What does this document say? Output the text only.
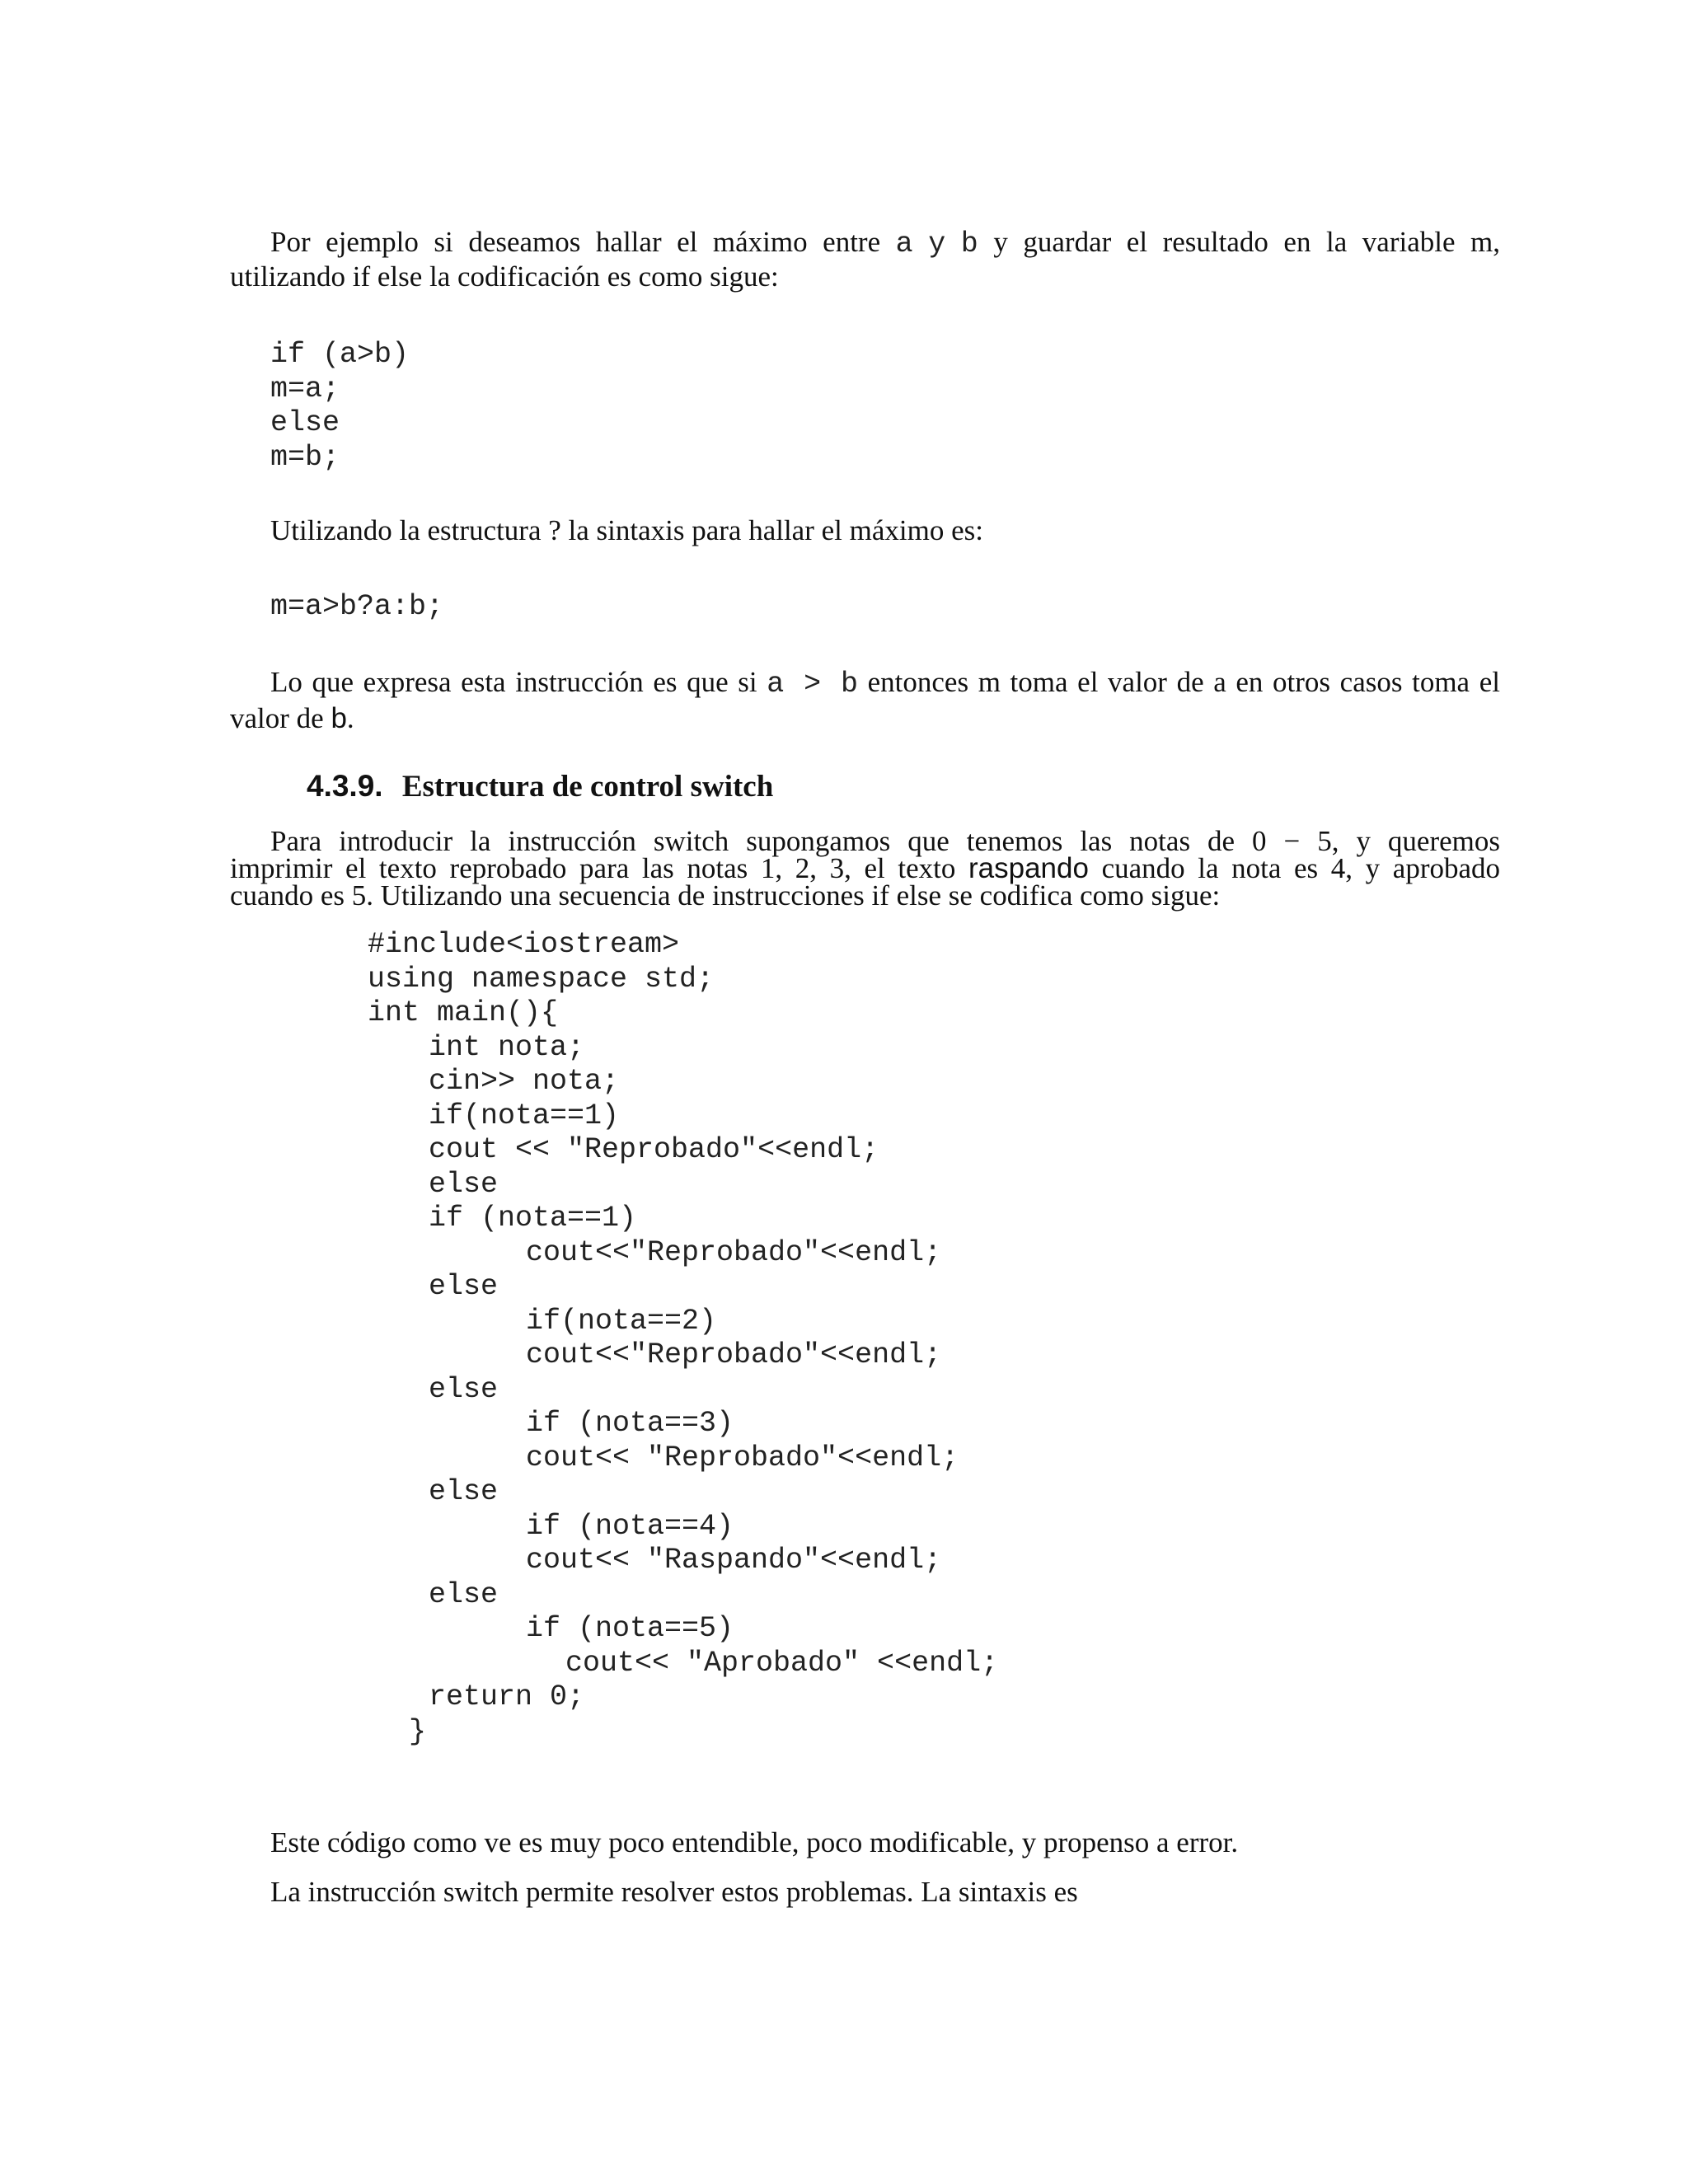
Por ejemplo si deseamos hallar el máximo entre a y b y guardar el resultado en la variable m,
utilizando if else la codificación es como sigue:
if (a>b)
m=a;
else
m=b;
Utilizando la estructura ? la sintaxis para hallar el máximo es:
m=a>b?a:b;
Lo que expresa esta instrucción es que si a > b entonces m toma el valor de a en otros casos toma el
valor de b.
4.3.9. Estructura de control switch
Para introducir la instrucción switch supongamos que tenemos las notas de 0 − 5, y queremos
imprimir el texto reprobado para las notas 1, 2, 3, el texto raspando cuando la nota es 4, y aprobado
cuando es 5. Utilizando una secuencia de instrucciones if else se codifica como sigue:
#include<iostream>
using namespace std;
int main(){
int nota;
cin>> nota;
if(nota==1)
cout << "Reprobado"<<endl;
else
if (nota==1)
cout<<"Reprobado"<<endl;
else
if(nota==2)
cout<<"Reprobado"<<endl;
else
if (nota==3)
cout<< "Reprobado"<<endl;
else
if (nota==4)
cout<< "Raspando"<<endl;
else
if (nota==5)
cout<< "Aprobado" <<endl;
return 0;
}
Este código como ve es muy poco entendible, poco modificable, y propenso a error.
La instrucción switch permite resolver estos problemas. La sintaxis es
